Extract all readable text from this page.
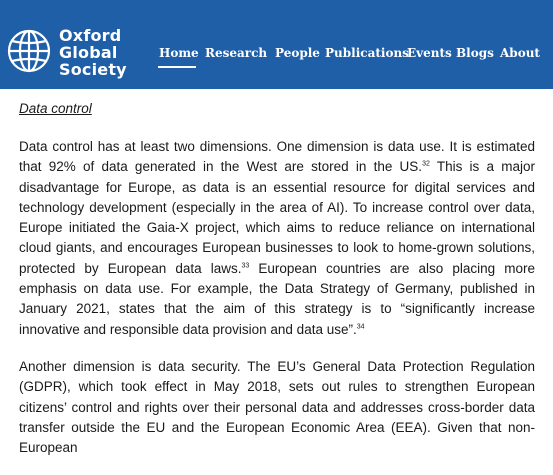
Oxford
Global
Society
Home Research People Publications
Events Blogs About
Data control

Data control has at least two dimensions. One dimension is data use. It is estimated that 92% of data generated in the West are stored in the US.$^{32}$ This is a major disadvantage for Europe, as data is an essential resource for digital services and technology development (especially in the area of AI). To increase control over data, Europe initiated the Gaia-X project, which aims to reduce reliance on international cloud giants, and encourages European businesses to look to home-grown solutions, protected by European data laws.$^{33}$ European countries are also placing more emphasis on data use. For example, the Data Strategy of Germany, published in January 2021, states that the aim of this strategy is to “significantly increase innovative and responsible data provision and data use”.$^{34}$

Another dimension is data security. The EU’s General Data Protection Regulation (GDPR), which took effect in May 2018, sets out rules to strengthen European citizens’ control and rights over their personal data and addresses cross-border data transfer outside the EU and the European Economic Area (EEA). Given that non-European
